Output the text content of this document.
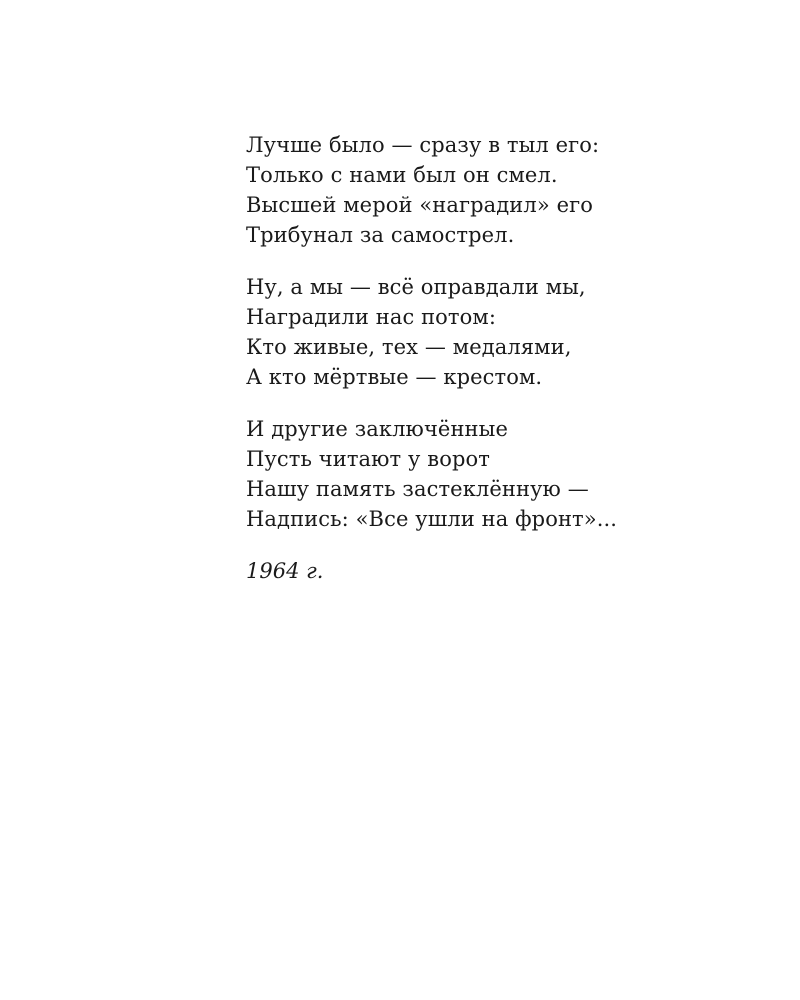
Лучше было — сразу в тыл его:
Только с нами был он смел.
Высшей мерой «наградил» его
Трибунал за самострел.
Ну, а мы — всё оправдали мы,
Наградили нас потом:
Кто живые, тех — медалями,
А кто мёртвые — крестом.
И другие заключённые
Пусть читают у ворот
Нашу память застеклённую —
Надпись: «Все ушли на фронт»...
1964 г.
